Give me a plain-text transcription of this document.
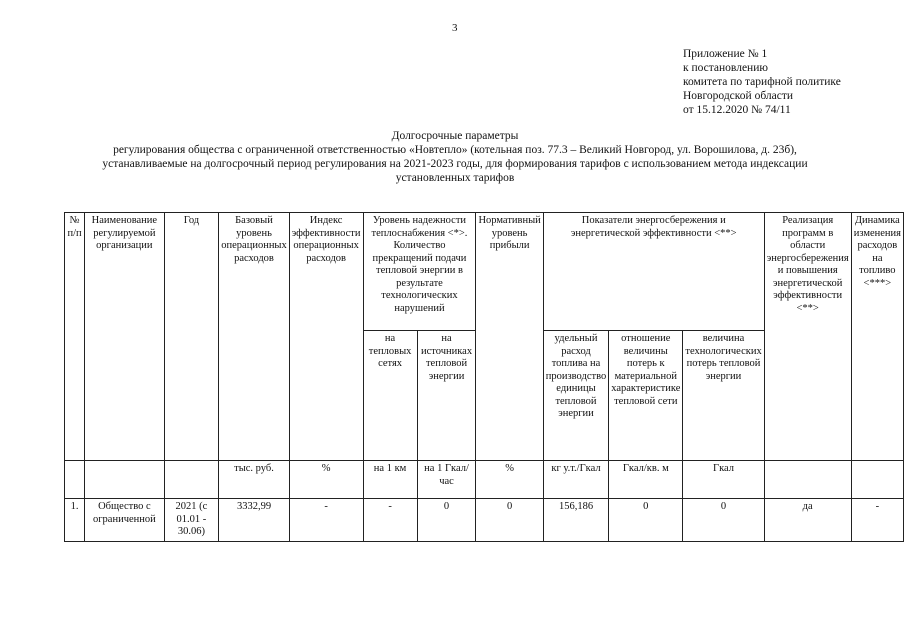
3
Приложение № 1
к постановлению
комитета по тарифной политике
Новгородской области
от 15.12.2020 № 74/11
Долгосрочные параметры
регулирования общества с ограниченной ответственностью «Новтепло» (котельная поз. 77.3 – Великий Новгород, ул. Ворошилова, д. 23б),
устанавливаемые на долгосрочный период регулирования на 2021-2023 годы, для формирования тарифов с использованием метода индексации
установленных тарифов
№ п/п	Наименование регулируемой организации	Год	Базовый уровень операционных расходов	Индекс эффективности операционных расходов	Уровень надежности теплоснабжения <*>. Количество прекращений подачи тепловой энергии в результате технологических нарушений		Нормативный уровень прибыли	Показатели энергосбережения и энергетической эффективности <**>			Реализация программ в области энергосбережения и повышения энергетической эффективности <**>	Динамика изменения расходов на топливо <***>
					на тепловых сетях	на источниках тепловой энергии		удельный расход топлива на производство единицы тепловой энергии	отношение величины потерь к материальной характеристике тепловой сети	величина технологических потерь тепловой энергии		
			тыс. руб.	%	на 1 км	на 1 Гкал/час	%	кг у.т./Гкал	Гкал/кв. м	Гкал		
1.	Общество с ограниченной	2021 (с 01.01 - 30.06)	3332,99	-	-	0	0	156,186	0	0	да	-
